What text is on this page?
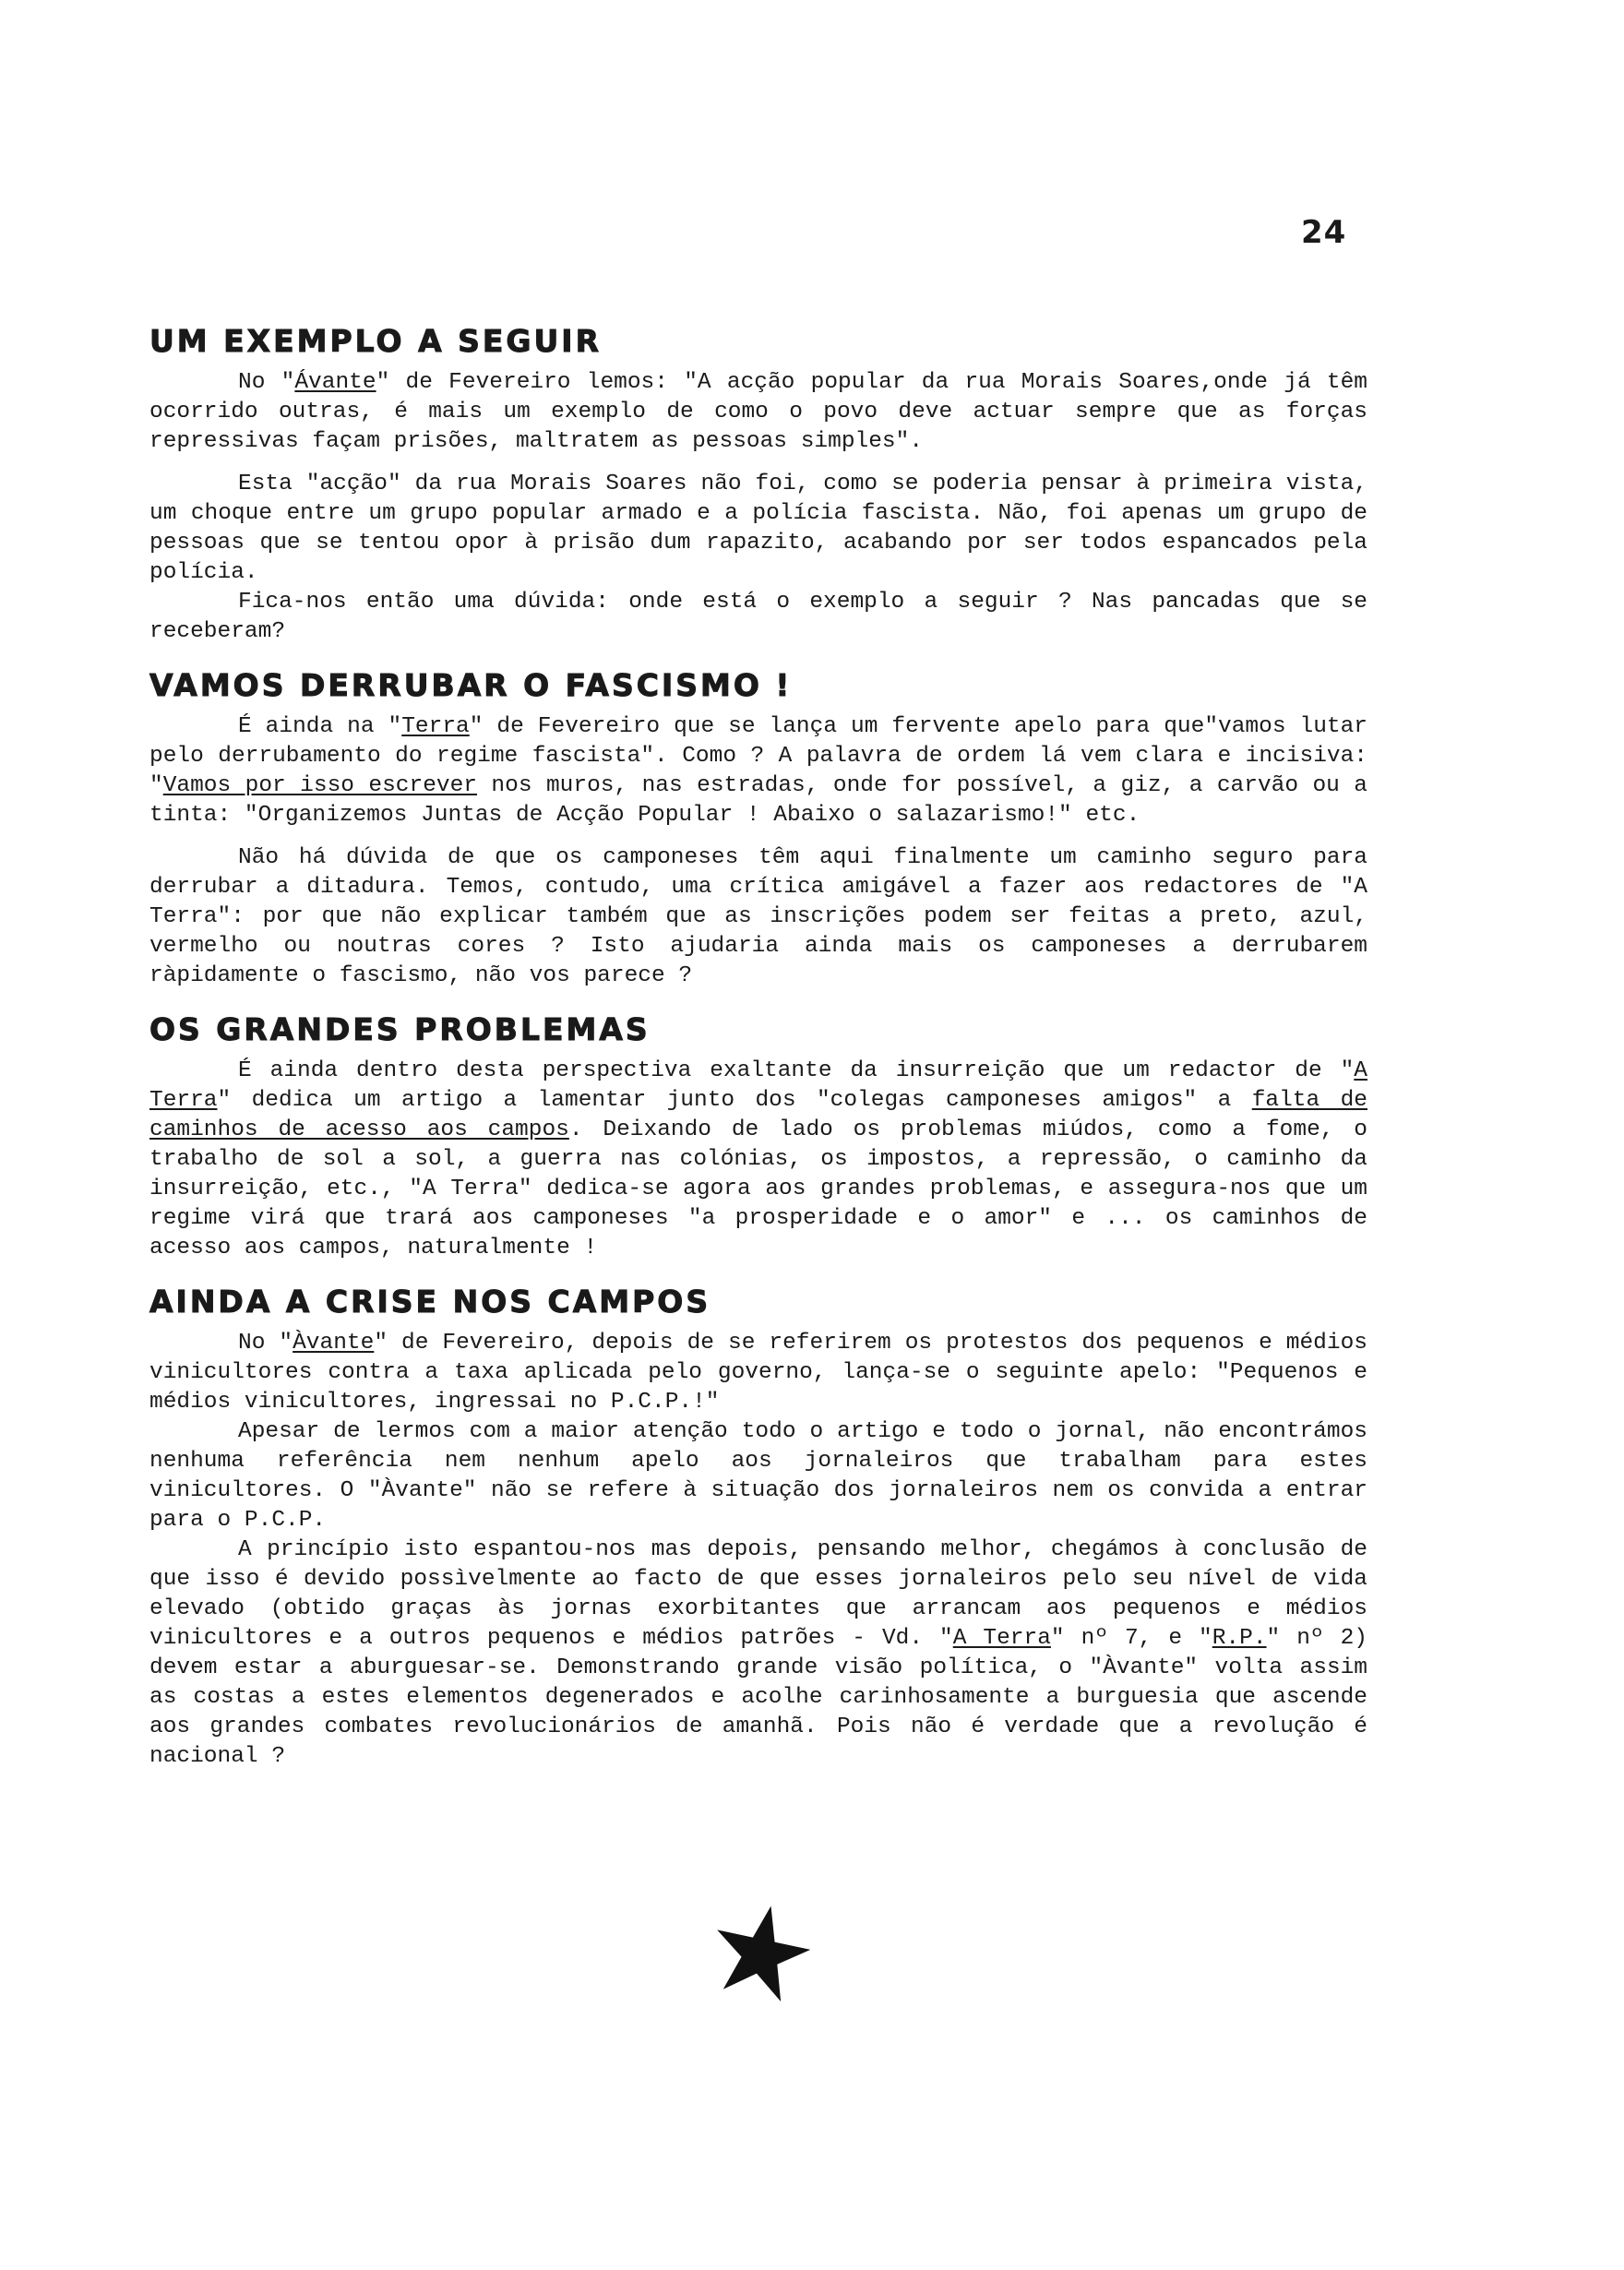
24
UM EXEMPLO A SEGUIR

No "Ávante" de Fevereiro lemos: "A acção popular da rua Morais Soares,onde já têm ocorrido outras, é mais um exemplo de como o povo deve actuar sempre que as forças repressivas façam prisões, maltratem as pessoas simples".

Esta "acção" da rua Morais Soares não foi, como se poderia pensar à primeira vista, um choque entre um grupo popular armado e a polícia fascista. Não, foi apenas um grupo de pessoas que se tentou opor à prisão dum rapazito, acabando por ser todos espancados pela polícia.

Fica-nos então uma dúvida: onde está o exemplo a seguir ? Nas pancadas que se receberam?

VAMOS DERRUBAR O FASCISMO !

É ainda na "Terra" de Fevereiro que se lança um fervente apelo para que"vamos lutar pelo derrubamento do regime fascista". Como ? A palavra de ordem lá vem clara e incisiva: "Vamos por isso escrever nos muros, nas estradas, onde for possível, a giz, a carvão ou a tinta: "Organizemos Juntas de Acção Popular ! Abaixo o salazarismo!" etc.

Não há dúvida de que os camponeses têm aqui finalmente um caminho seguro para derrubar a ditadura. Temos, contudo, uma crítica amigável a fazer aos redactores de "A Terra": por que não explicar também que as inscrições podem ser feitas a preto, azul, vermelho ou noutras cores ? Isto ajudaria ainda mais os camponeses a derrubarem ràpidamente o fascismo, não vos parece ?

OS GRANDES PROBLEMAS

É ainda dentro desta perspectiva exaltante da insurreição que um redactor de "A Terra" dedica um artigo a lamentar junto dos "colegas camponeses amigos" a falta de caminhos de acesso aos campos. Deixando de lado os problemas miúdos, como a fome, o trabalho de sol a sol, a guerra nas colónias, os impostos, a repressão, o caminho da insurreição, etc., "A Terra" dedica-se agora aos grandes problemas, e assegura-nos que um regime virá que trará aos camponeses "a prosperidade e o amor" e ... os caminhos de acesso aos campos, naturalmente !

AINDA A CRISE NOS CAMPOS

No "Àvante" de Fevereiro, depois de se referirem os protestos dos pequenos e médios vinicultores contra a taxa aplicada pelo governo, lança-se o seguinte apelo: "Pequenos e médios vinicultores, ingressai no P.C.P.!"

Apesar de lermos com a maior atenção todo o artigo e todo o jornal, não encontrámos nenhuma referência nem nenhum apelo aos jornaleiros que trabalham para estes vinicultores. O "Àvante" não se refere à situação dos jornaleiros nem os convida a entrar para o P.C.P.

A princípio isto espantou-nos mas depois, pensando melhor, chegámos à conclusão de que isso é devido possìvelmente ao facto de que esses jornaleiros pelo seu nível de vida elevado (obtido graças às jornas exorbitantes que arrancam aos pequenos e médios vinicultores e a outros pequenos e médios patrões - Vd. "A Terra" nº 7, e "R.P." nº 2) devem estar a aburguesar-se. Demonstrando grande visão política, o "Àvante" volta assim as costas a estes elementos degenerados e acolhe carinhosamente a burguesia que ascende aos grandes combates revolucionários de amanhã. Pois não é verdade que a revolução é nacional ?
